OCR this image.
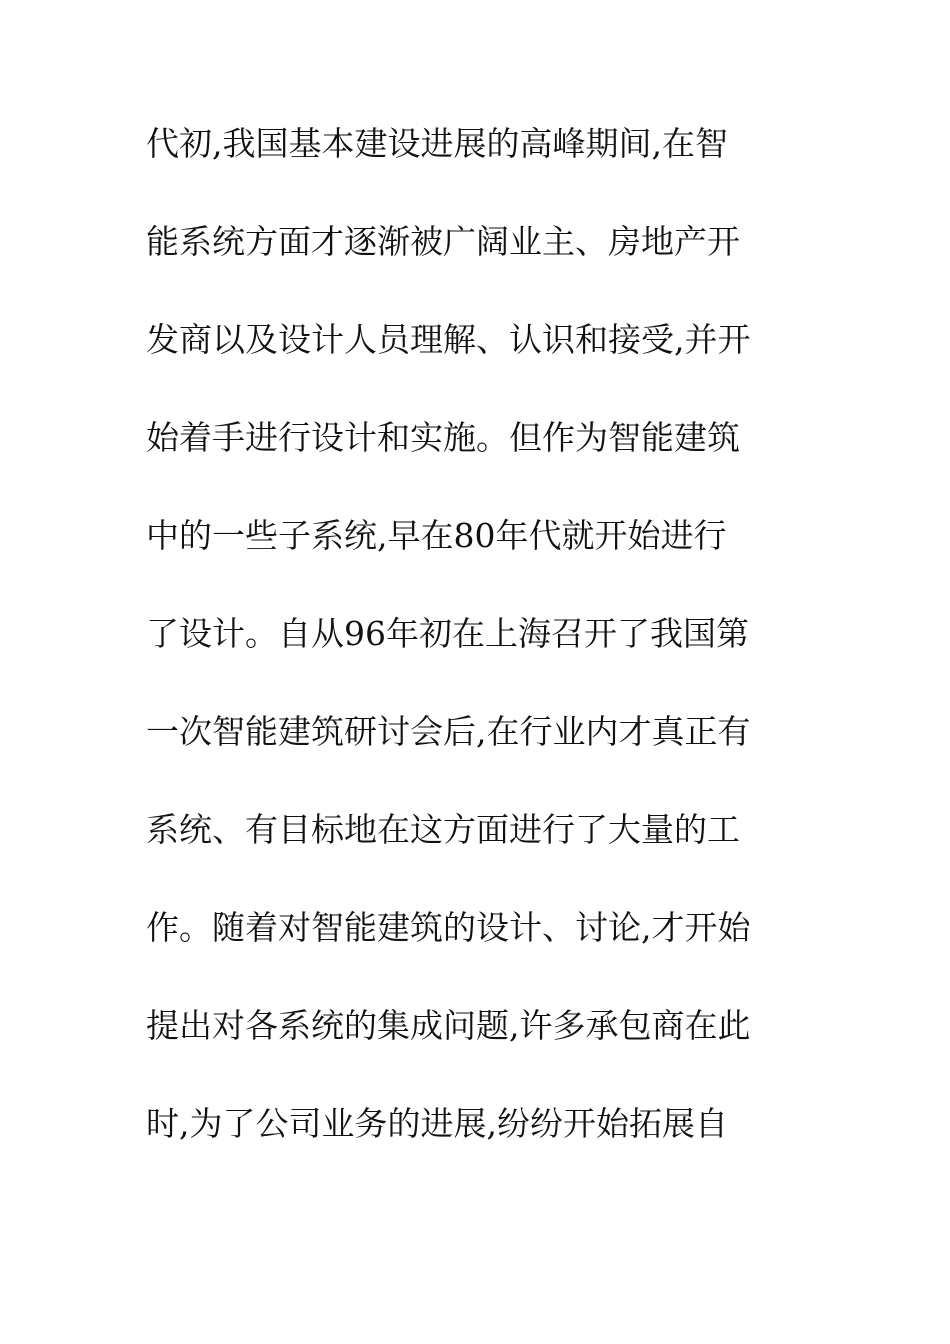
代初,我国基本建设进展的高峰期间,在智
能系统方面才逐渐被广阔业主、房地产开
发商以及设计人员理解、认识和接受,并开
始着手进行设计和实施。但作为智能建筑
中的一些子系统,早在80年代就开始进行
了设计。自从96年初在上海召开了我国第
一次智能建筑研讨会后,在行业内才真正有
系统、有目标地在这方面进行了大量的工
作。随着对智能建筑的设计、讨论,才开始
提出对各系统的集成问题,许多承包商在此
时,为了公司业务的进展,纷纷开始拓展自
